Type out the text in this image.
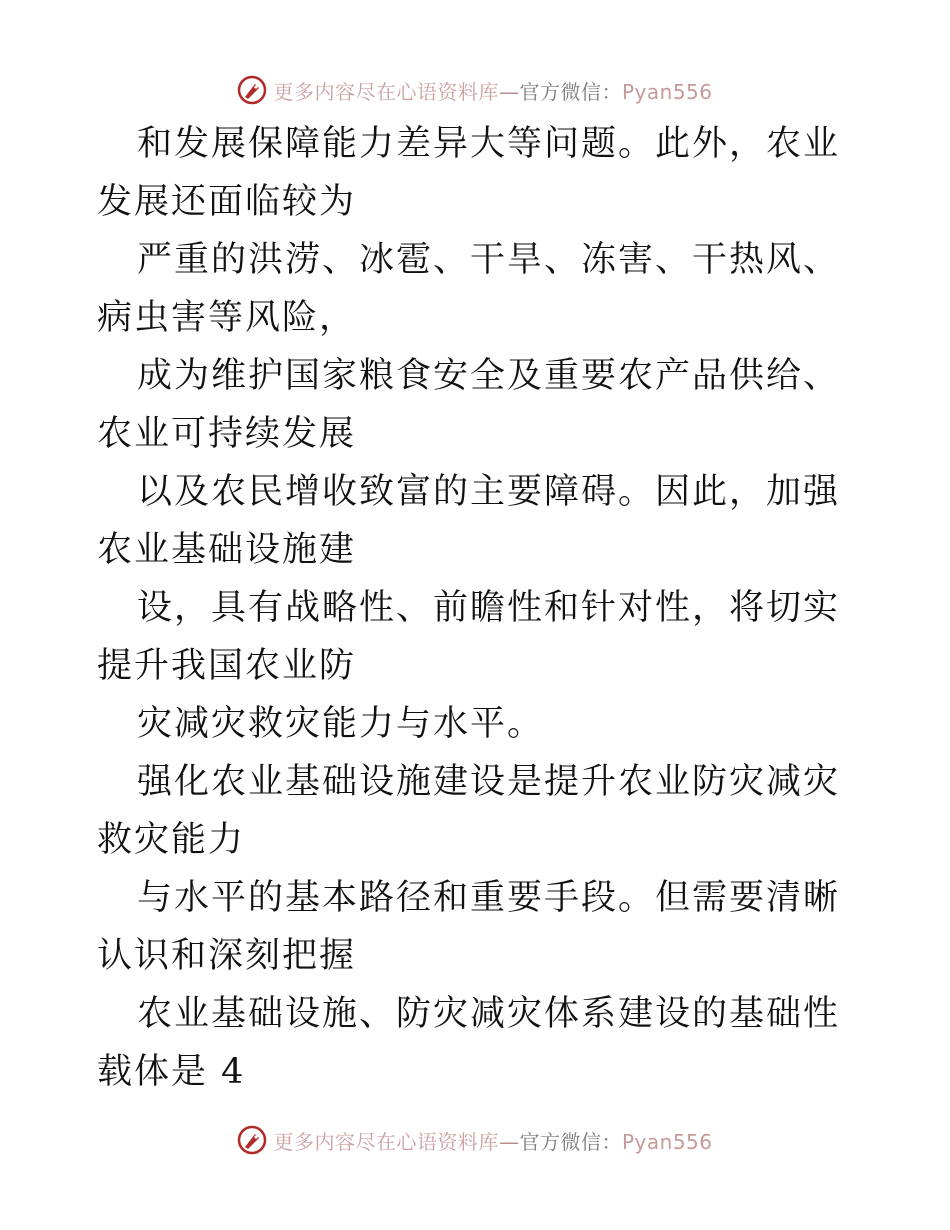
更多内容尽在心语资料库—官方微信：Pyan556

和发展保障能力差异大等问题。此外，农业发展还面临较为

严重的洪涝、冰雹、干旱、冻害、干热风、病虫害等风险，

成为维护国家粮食安全及重要农产品供给、农业可持续发展

以及农民增收致富的主要障碍。因此，加强农业基础设施建

设，具有战略性、前瞻性和针对性，将切实提升我国农业防

灾减灾救灾能力与水平。

强化农业基础设施建设是提升农业防灾减灾救灾能力

与水平的基本路径和重要手段。但需要清晰认识和深刻把握

农业基础设施、防灾减灾体系建设的基础性载体是 4

更多内容尽在心语资料库—官方微信：Pyan556
